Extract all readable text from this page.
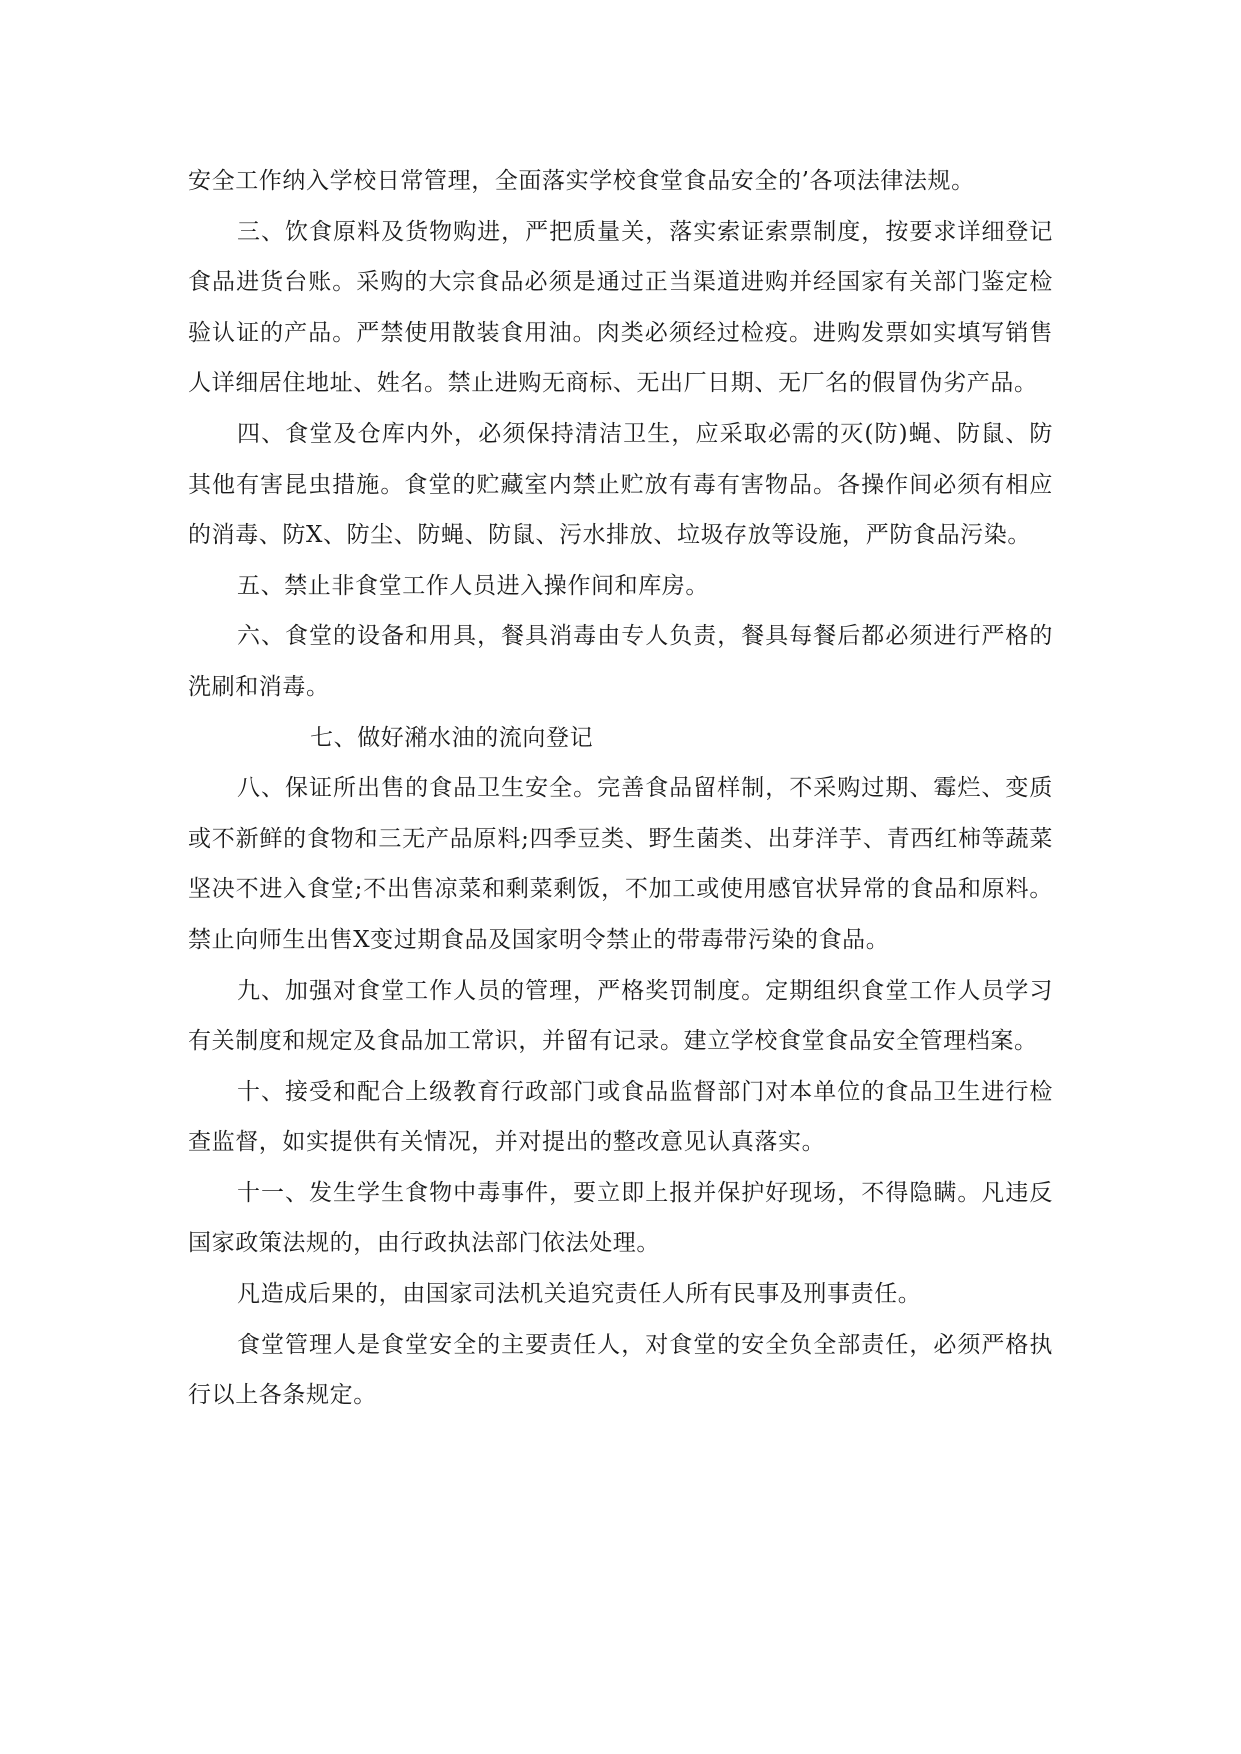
安全工作纳入学校日常管理，全面落实学校食堂食品安全的’各项法律法规。

三、饮食原料及货物购进，严把质量关，落实索证索票制度，按要求详细登记食品进货台账。采购的大宗食品必须是通过正当渠道进购并经国家有关部门鉴定检验认证的产品。严禁使用散装食用油。肉类必须经过检疫。进购发票如实填写销售人详细居住地址、姓名。禁止进购无商标、无出厂日期、无厂名的假冒伪劣产品。

四、食堂及仓库内外，必须保持清洁卫生，应采取必需的灭(防)蝇、防鼠、防其他有害昆虫措施。食堂的贮藏室内禁止贮放有毒有害物品。各操作间必须有相应的消毒、防X、防尘、防蝇、防鼠、污水排放、垃圾存放等设施，严防食品污染。

五、禁止非食堂工作人员进入操作间和库房。

六、食堂的设备和用具，餐具消毒由专人负责，餐具每餐后都必须进行严格的洗刷和消毒。

七、做好潲水油的流向登记

八、保证所出售的食品卫生安全。完善食品留样制，不采购过期、霉烂、变质或不新鲜的食物和三无产品原料;四季豆类、野生菌类、出芽洋芋、青西红柿等蔬菜坚决不进入食堂;不出售凉菜和剩菜剩饭，不加工或使用感官状异常的食品和原料。禁止向师生出售X变过期食品及国家明令禁止的带毒带污染的食品。

九、加强对食堂工作人员的管理，严格奖罚制度。定期组织食堂工作人员学习有关制度和规定及食品加工常识，并留有记录。建立学校食堂食品安全管理档案。

十、接受和配合上级教育行政部门或食品监督部门对本单位的食品卫生进行检查监督，如实提供有关情况，并对提出的整改意见认真落实。

十一、发生学生食物中毒事件，要立即上报并保护好现场，不得隐瞒。凡违反国家政策法规的，由行政执法部门依法处理。

凡造成后果的，由国家司法机关追究责任人所有民事及刑事责任。

食堂管理人是食堂安全的主要责任人，对食堂的安全负全部责任，必须严格执行以上各条规定。
